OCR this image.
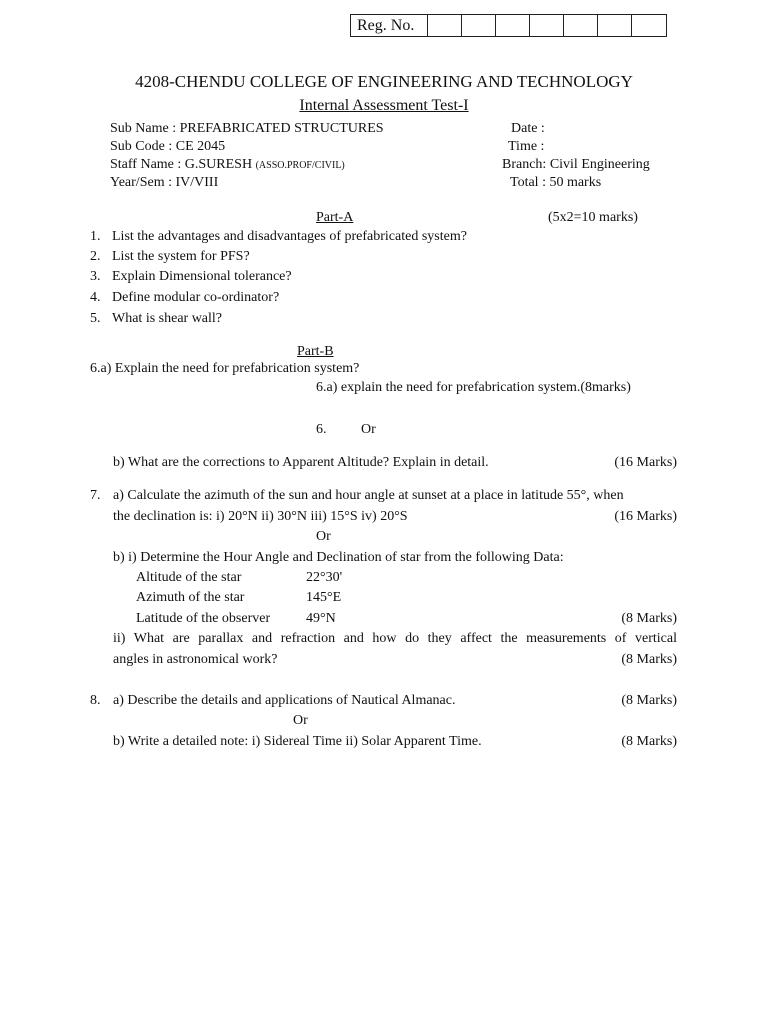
Reg. No.
4208-CHENDU COLLEGE OF ENGINEERING AND TECHNOLOGY
Internal Assessment Test-I
Sub Name : PREFABRICATED STRUCTURES
Sub Code : CE 2045
Staff Name : G.SURESH (ASSO.PROF/CIVIL)
Year/Sem : IV/VIII
Date :
Time :
Branch: Civil Engineering
Total : 50 marks
Part-A	(5x2=10 marks)
1. List the advantages and disadvantages of prefabricated system?
2. List the system for PFS?
3. Explain Dimensional tolerance?
4. Define modular co-ordinator?
5. What is shear wall?
Part-B
6.a) Explain the need for prefabrication system?
6.a) explain the need for prefabrication system.(8marks)
6. Or
b) What are the corrections to Apparent Altitude? Explain in detail.	(16 Marks)
7. a) Calculate the azimuth of the sun and hour angle at sunset at a place in latitude 55°, when
the declination is: i) 20°N ii) 30°N iii) 15°S iv) 20°S	(16 Marks)
Or
b) i) Determine the Hour Angle and Declination of star from the following Data:
Altitude of the star	22°30'
Azimuth of the star	145°E
Latitude of the observer	49°N	(8 Marks)
ii) What are parallax and refraction and how do they affect the measurements of vertical
angles in astronomical work?	(8 Marks)
8. a) Describe the details and applications of Nautical Almanac.	(8 Marks)
Or
b) Write a detailed note: i) Sidereal Time ii) Solar Apparent Time.	(8 Marks)
